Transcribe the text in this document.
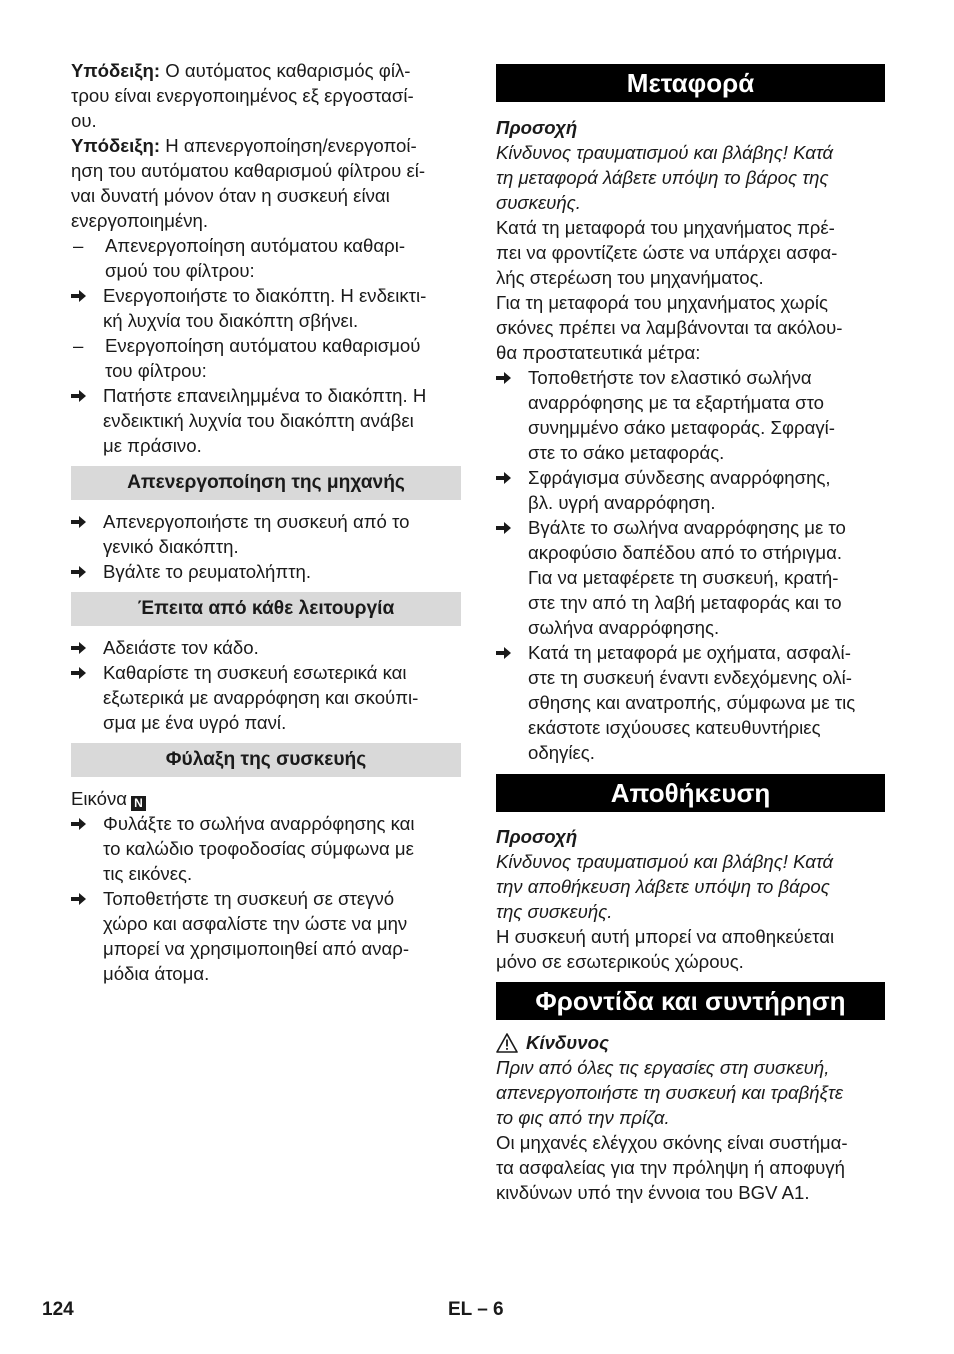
Υπόδειξη: Ο αυτόματος καθαρισμός φίλ-
τρου είναι ενεργοποιημένος εξ εργοστασί-
ου.

Υπόδειξη: Η απενεργοποίηση/ενεργοποί-
ηση του αυτόματου καθαρισμού φίλτρου εί-
ναι δυνατή μόνον όταν η συσκευή είναι
ενεργοποιημένη.

–	Απενεργοποίηση αυτόματου καθαρι-
σμού του φίλτρου:
Ενεργοποιήστε το διακόπτη. Η ενδεικτι-
κή λυχνία του διακόπτη σβήνει.
–	Ενεργοποίηση αυτόματου καθαρισμού
του φίλτρου:
Πατήστε επανειλημμένα το διακόπτη. Η
ενδεικτική λυχνία του διακόπτη ανάβει
με πράσινο.
Απενεργοποίηση της μηχανής
Απενεργοποιήστε τη συσκευή από το
γενικό διακόπτη.
Βγάλτε το ρευματολήπτη.
Έπειτα από κάθε λειτουργία
Αδειάστε τον κάδο.
Καθαρίστε τη συσκευή εσωτερικά και
εξωτερικά με αναρρόφηση και σκούπι-
σμα με ένα υγρό πανί.
Φύλαξη της συσκευής

Εικόνα N

Φυλάξτε το σωλήνα αναρρόφησης και
το καλώδιο τροφοδοσίας σύμφωνα με
τις εικόνες.
Τοποθετήστε τη συσκευή σε στεγνό
χώρο και ασφαλίστε την ώστε να μην
μπορεί να χρησιμοποιηθεί από αναρ-
μόδια άτομα.
Μεταφορά

Προσοχή

Κίνδυνος τραυματισμού και βλάβης! Κατά
τη μεταφορά λάβετε υπόψη το βάρος της
συσκευής.

Κατά τη μεταφορά του μηχανήματος πρέ-
πει να φροντίζετε ώστε να υπάρχει ασφα-
λής στερέωση του μηχανήματος.

Για τη μεταφορά του μηχανήματος χωρίς
σκόνες πρέπει να λαμβάνονται τα ακόλου-
θα προστατευτικά μέτρα:

Τοποθετήστε τον ελαστικό σωλήνα
αναρρόφησης με τα εξαρτήματα στο
συνημμένο σάκο μεταφοράς. Σφραγί-
στε το σάκο μεταφοράς.
Σφράγισμα σύνδεσης αναρρόφησης,
βλ. υγρή αναρρόφηση.
Βγάλτε το σωλήνα αναρρόφησης με το
ακροφύσιο δαπέδου από το στήριγμα.
Για να μεταφέρετε τη συσκευή, κρατή-
στε την από τη λαβή μεταφοράς και το
σωλήνα αναρρόφησης.
Κατά τη μεταφορά με οχήματα, ασφαλί-
στε τη συσκευή έναντι ενδεχόμενης ολί-
σθησης και ανατροπής, σύμφωνα με τις
εκάστοτε ισχύουσες κατευθυντήριες
οδηγίες.
Αποθήκευση

Προσοχή

Κίνδυνος τραυματισμού και βλάβης! Κατά
την αποθήκευση λάβετε υπόψη το βάρος
της συσκευής.

Η συσκευή αυτή μπορεί να αποθηκεύεται
μόνο σε εσωτερικούς χώρους.

Φροντίδα και συντήρηση
Κίνδυνος

Πριν από όλες τις εργασίες στη συσκευή,
απενεργοποιήστε τη συσκευή και τραβήξτε
το φις από την πρίζα.

Οι μηχανές ελέγχου σκόνης είναι συστήμα-
τα ασφαλείας για την πρόληψη ή αποφυγή
κινδύνων υπό την έννοια του BGV A1.

124	EL – 6
